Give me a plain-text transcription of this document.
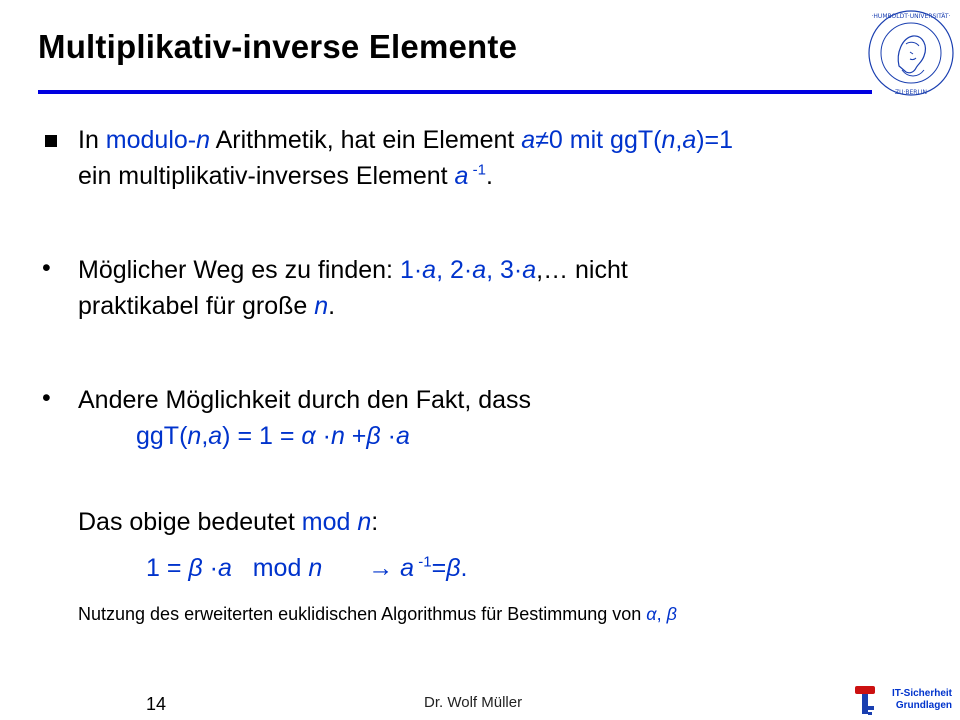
Multiplikativ-inverse Elemente
·HUMBOLDT·UNIVERSITÄT·
·ZU·BERLIN·
In modulo-n Arithmetik, hat ein Element a≠0 mit ggT(n,a)=1
ein multiplikativ-inverses Element a $^{-1}$.
• Möglicher Weg es zu finden: 1·a, 2·a, 3·a,… nicht
praktikabel für große n.
• Andere Möglichkeit durch den Fakt, dass
ggT(n,a) = 1 = α ·n +β ·a
Das obige bedeutet mod n:
1 = β ·a   mod n → a $^{-1}$=β.
Nutzung des erweiterten euklidischen Algorithmus für Bestimmung von α, β
14	Dr. Wolf Müller
IT-Sicherheit
Grundlagen
